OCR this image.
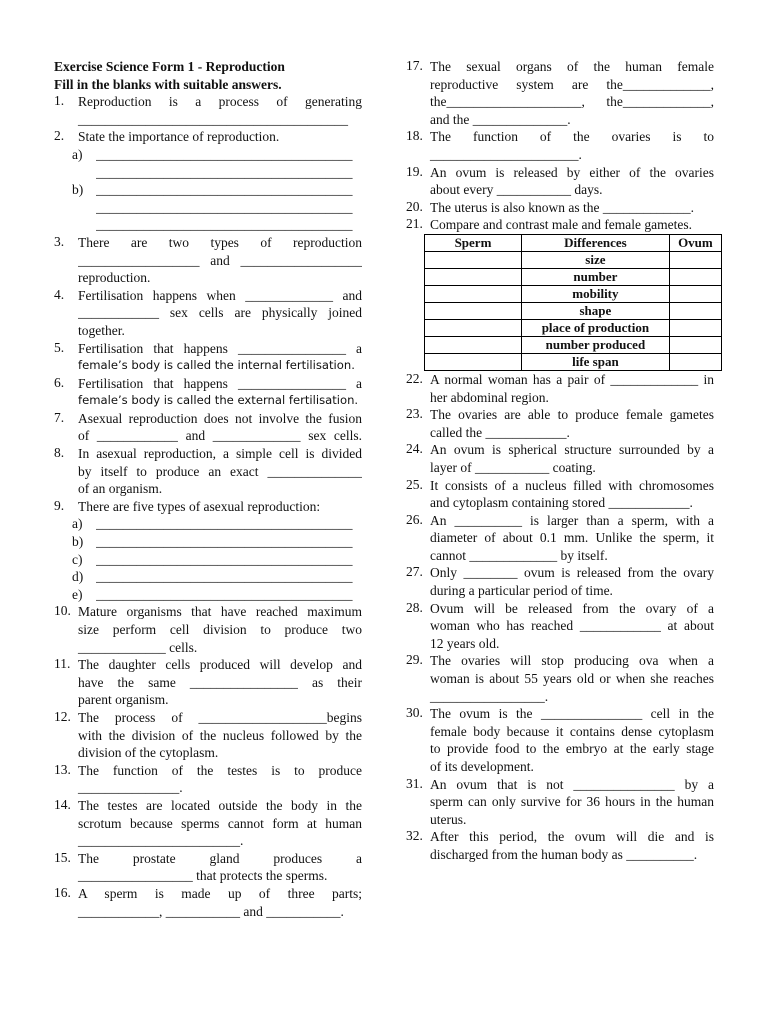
Exercise Science Form 1 - Reproduction
Fill in the blanks with suitable answers.
1.	Reproduction is a process of generating
________________________________________
2.	State the importance of reproduction.
a)	______________________________________
______________________________________
b) ______________________________________
______________________________________
______________________________________
3.	There are two types of reproduction
__________________ and __________________
reproduction.
4.	Fertilisation happens when _____________ and
____________ sex cells are physically joined
together.
5.	Fertilisation that happens ________________ a
female’s body is called the internal fertilisation.
6.	Fertilisation that happens ________________ a
female’s body is called the external fertilisation.
7.	Asexual reproduction does not involve the fusion
of ____________ and _____________ sex cells.
8.	In asexual reproduction, a simple cell is divided
by itself to produce an exact ______________
of an organism.
9.	There are five types of asexual reproduction:
a)	______________________________________
b) ______________________________________
c)	______________________________________
d) ______________________________________
e)	______________________________________
10. Mature organisms that have reached maximum
size perform cell division to produce two
_____________ cells.
11. The daughter cells produced will develop and
have the same ________________ as their
parent organism.
12. The process of ___________________begins
with the division of the nucleus followed by the
division of the cytoplasm.
13. The function of the testes is to produce
_______________.
14. The testes are located outside the body in the
scrotum because sperms cannot form at human
________________________.
15. The prostate gland produces a
_________________ that protects the sperms.
16. A sperm is made up of three parts;
____________, ___________ and ___________.
17. The sexual organs of the human female
reproductive system are the_____________,
the____________________, the_____________,
and the ______________.
18. The function of the ovaries is to
______________________.
19. An ovum is released by either of the ovaries
about every ___________ days.
20. The uterus is also known as the _____________.
21. Compare and contrast male and female gametes.
Sperm	Differences	Ovum
	size	
	number	
	mobility	
	shape	
	place of production	
	number produced	
	life span	
22. A normal woman has a pair of _____________ in
her abdominal region.
23. The ovaries are able to produce female gametes
called the ____________.
24. An ovum is spherical structure surrounded by a
layer of ___________ coating.
25. It consists of a nucleus filled with chromosomes
and cytoplasm containing stored ____________.
26. An __________ is larger than a sperm, with a
diameter of about 0.1 mm. Unlike the sperm, it
cannot _____________ by itself.
27. Only ________ ovum is released from the ovary
during a particular period of time.
28. Ovum will be released from the ovary of a
woman who has reached ____________ at about
12 years old.
29. The ovaries will stop producing ova when a
woman is about 55 years old or when she reaches
_________________.
30. The ovum is the _______________ cell in the
female body because it contains dense cytoplasm
to provide food to the embryo at the early stage
of its development.
31. An ovum that is not _______________ by a
sperm can only survive for 36 hours in the human
uterus.
32. After this period, the ovum will die and is
discharged from the human body as __________.
